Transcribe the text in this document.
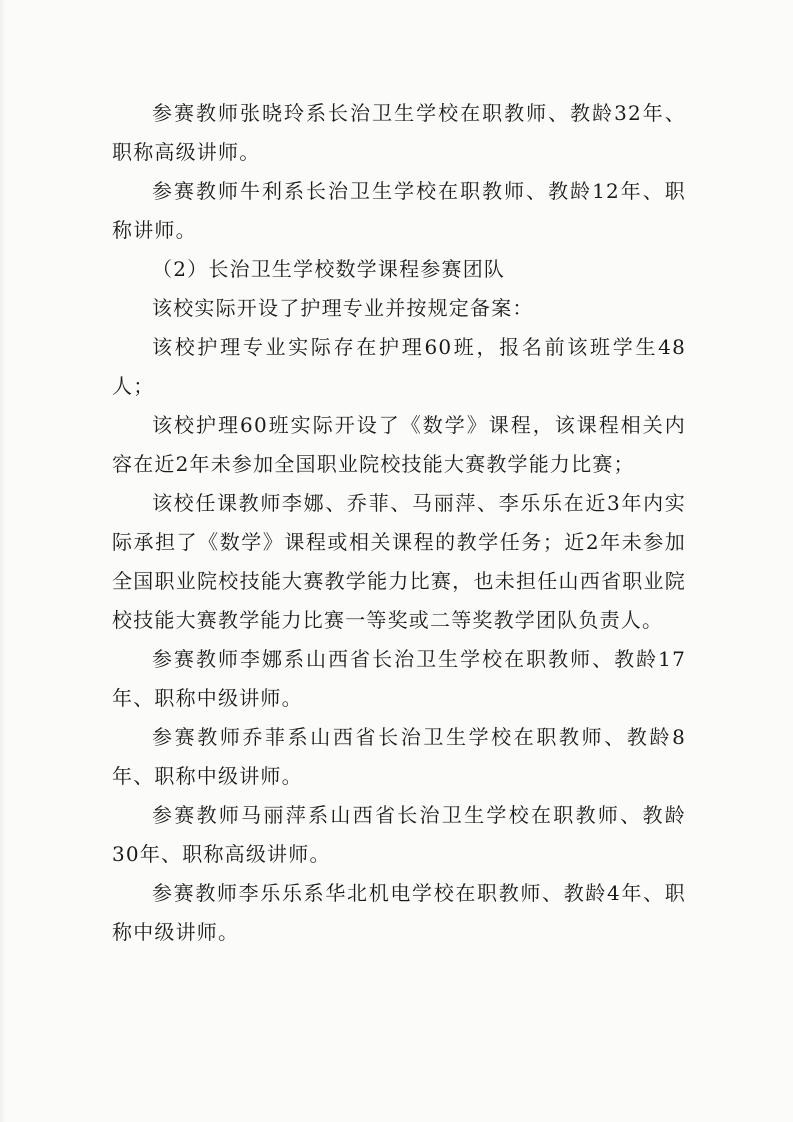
参赛教师张晓玲系长治卫生学校在职教师、教龄32年、职称高级讲师。

参赛教师牛利系长治卫生学校在职教师、教龄12年、职称讲师。

（2）长治卫生学校数学课程参赛团队

该校实际开设了护理专业并按规定备案：

该校护理专业实际存在护理60班，报名前该班学生48人；

该校护理60班实际开设了《数学》课程，该课程相关内容在近2年未参加全国职业院校技能大赛教学能力比赛；

该校任课教师李娜、乔菲、马丽萍、李乐乐在近3年内实际承担了《数学》课程或相关课程的教学任务；近2年未参加全国职业院校技能大赛教学能力比赛，也未担任山西省职业院校技能大赛教学能力比赛一等奖或二等奖教学团队负责人。

参赛教师李娜系山西省长治卫生学校在职教师、教龄17年、职称中级讲师。

参赛教师乔菲系山西省长治卫生学校在职教师、教龄8年、职称中级讲师。

参赛教师马丽萍系山西省长治卫生学校在职教师、教龄30年、职称高级讲师。

参赛教师李乐乐系华北机电学校在职教师、教龄4年、职称中级讲师。
